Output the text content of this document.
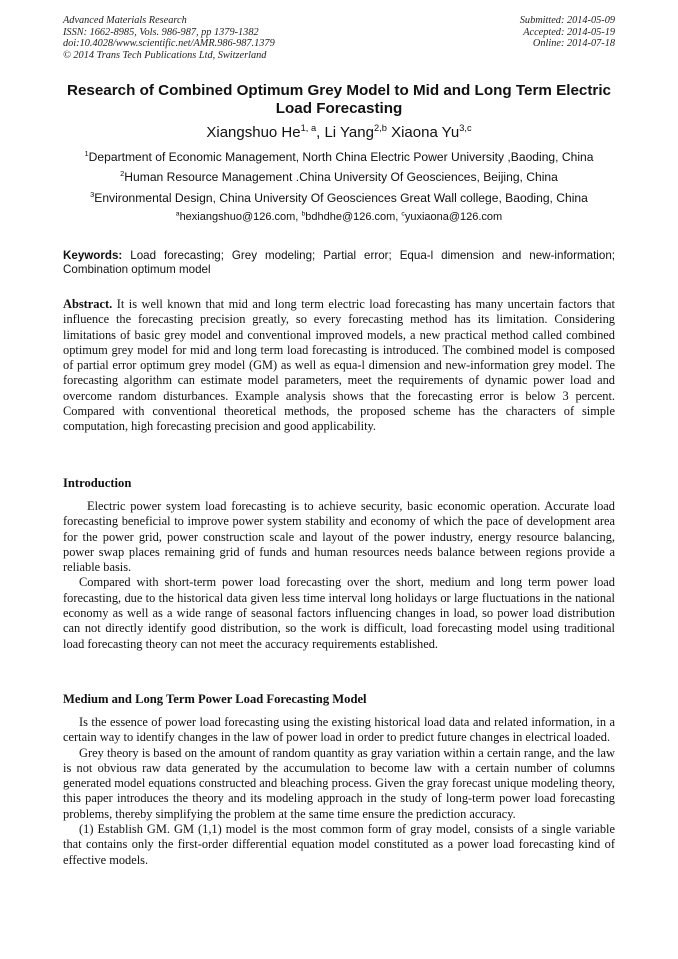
Advanced Materials Research
ISSN: 1662-8985, Vols. 986-987, pp 1379-1382
doi:10.4028/www.scientific.net/AMR.986-987.1379
© 2014 Trans Tech Publications Ltd, Switzerland
Submitted: 2014-05-09
Accepted: 2014-05-19
Online: 2014-07-18
Research of Combined Optimum Grey Model to Mid and Long Term Electric Load Forecasting
Xiangshuo He$^{1, a}$, Li Yang$^{2,b}$ Xiaona Yu$^{3,c}$
$^1$Department of Economic Management, North China Electric Power University ,Baoding, China
$^2$Human Resource Management .China University Of Geosciences, Beijing, China
$^3$Environmental Design, China University Of Geosciences Great Wall college, Baoding, China
$^a$hexiangshuo@126.com, $^b$bdhdhe@126.com, $^c$yuxiaona@126.com
Keywords: Load forecasting; Grey modeling; Partial error; Equa-l dimension and new-information; Combination optimum model

Abstract. It is well known that mid and long term electric load forecasting has many uncertain factors that influence the forecasting precision greatly, so every forecasting method has its limitation. Considering limitations of basic grey model and conventional improved models, a new practical method called combined optimum grey model for mid and long term load forecasting is introduced. The combined model is composed of partial error optimum grey model (GM) as well as equa-l dimension and new-information grey model. The forecasting algorithm can estimate model parameters, meet the requirements of dynamic power load and overcome random disturbances. Example analysis shows that the forecasting error is below 3 percent. Compared with conventional theoretical methods, the proposed scheme has the characters of simple computation, high forecasting precision and good applicability.

Introduction

Electric power system load forecasting is to achieve security, basic economic operation. Accurate load forecasting beneficial to improve power system stability and economy of which the pace of development area for the power grid, power construction scale and layout of the power industry, energy resource balancing, power swap places remaining grid of funds and human resources needs balance between regions provide a reliable basis.

Compared with short-term power load forecasting over the short, medium and long term power load forecasting, due to the historical data given less time interval long holidays or large fluctuations in the national economy as well as a wide range of seasonal factors influencing changes in load, so power load distribution can not directly identify good distribution, so the work is difficult, load forecasting model using traditional load forecasting theory can not meet the accuracy requirements established.

Medium and Long Term Power Load Forecasting Model

Is the essence of power load forecasting using the existing historical load data and related information, in a certain way to identify changes in the law of power load in order to predict future changes in electrical loaded.

Grey theory is based on the amount of random quantity as gray variation within a certain range, and the law is not obvious raw data generated by the accumulation to become law with a certain number of columns generated model equations constructed and bleaching process. Given the gray forecast unique modeling theory, this paper introduces the theory and its modeling approach in the study of long-term power load forecasting problems, thereby simplifying the problem at the same time ensure the prediction accuracy.

(1) Establish GM. GM (1,1) model is the most common form of gray model, consists of a single variable that contains only the first-order differential equation model constituted as a power load forecasting kind of effective models.
